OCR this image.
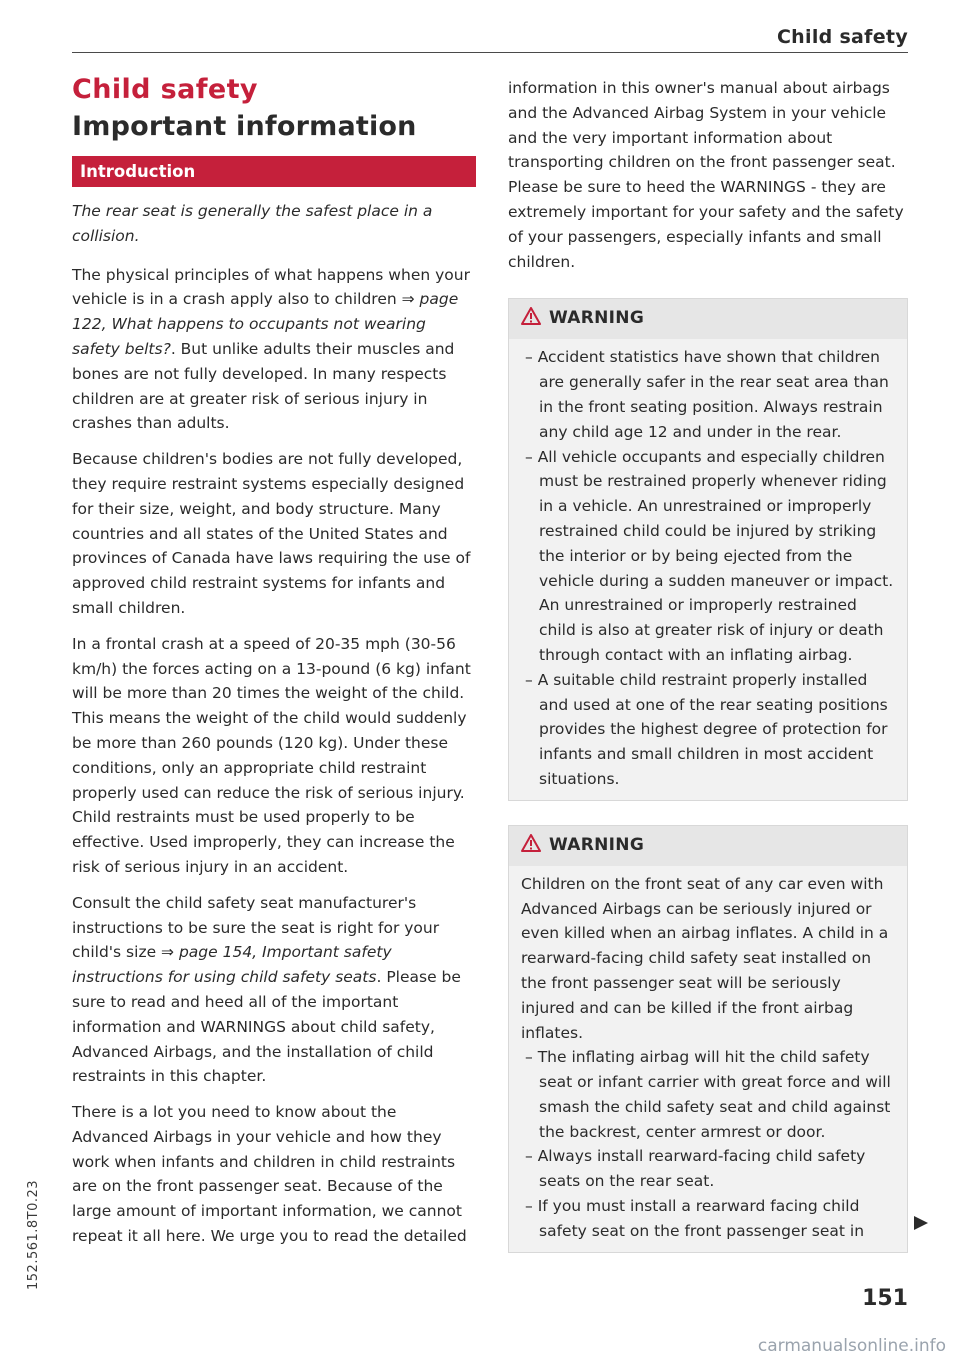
Child safety
Child safety
Important information
Introduction

The rear seat is generally the safest place in a collision.

The physical principles of what happens when your vehicle is in a crash apply also to children ⇒ page 122, What happens to occupants not wearing safety belts?. But unlike adults their muscles and bones are not fully developed. In many respects children are at greater risk of serious injury in crashes than adults.

Because children's bodies are not fully developed, they require restraint systems especially designed for their size, weight, and body structure. Many countries and all states of the United States and provinces of Canada have laws requiring the use of approved child restraint systems for infants and small children.

In a frontal crash at a speed of 20-35 mph (30-56 km/h) the forces acting on a 13-pound (6 kg) infant will be more than 20 times the weight of the child. This means the weight of the child would suddenly be more than 260 pounds (120 kg). Under these conditions, only an appropriate child restraint properly used can reduce the risk of serious injury. Child restraints must be used properly to be effective. Used improperly, they can increase the risk of serious injury in an accident.

Consult the child safety seat manufacturer's instructions to be sure the seat is right for your child's size ⇒ page 154, Important safety instructions for using child safety seats. Please be sure to read and heed all of the important information and WARNINGS about child safety, Advanced Airbags, and the installation of child restraints in this chapter.

There is a lot you need to know about the Advanced Airbags in your vehicle and how they work when infants and children in child restraints are on the front passenger seat. Because of the large amount of important information, we cannot repeat it all here. We urge you to read the detailed

information in this owner's manual about airbags and the Advanced Airbag System in your vehicle and the very important information about transporting children on the front passenger seat. Please be sure to heed the WARNINGS - they are extremely important for your safety and the safety of your passengers, especially infants and small children.

WARNING
– Accident statistics have shown that children are generally safer in the rear seat area than in the front seating position. Always restrain any child age 12 and under in the rear.
– All vehicle occupants and especially children must be restrained properly whenever riding in a vehicle. An unrestrained or improperly restrained child could be injured by striking the interior or by being ejected from the vehicle during a sudden maneuver or impact. An unrestrained or improperly restrained child is also at greater risk of injury or death through contact with an inflating airbag.
– A suitable child restraint properly installed and used at one of the rear seating positions provides the highest degree of protection for infants and small children in most accident situations.
WARNING

Children on the front seat of any car even with Advanced Airbags can be seriously injured or even killed when an airbag inflates. A child in a rearward-facing child safety seat installed on the front passenger seat will be seriously injured and can be killed if the front airbag inflates.

– The inflating airbag will hit the child safety seat or infant carrier with great force and will smash the child safety seat and child against the backrest, center armrest or door.
– Always install rearward-facing child safety seats on the rear seat.
– If you must install a rearward facing child safety seat on the front passenger seat in
152.561.8T0.23
151
carmanualsonline.info
